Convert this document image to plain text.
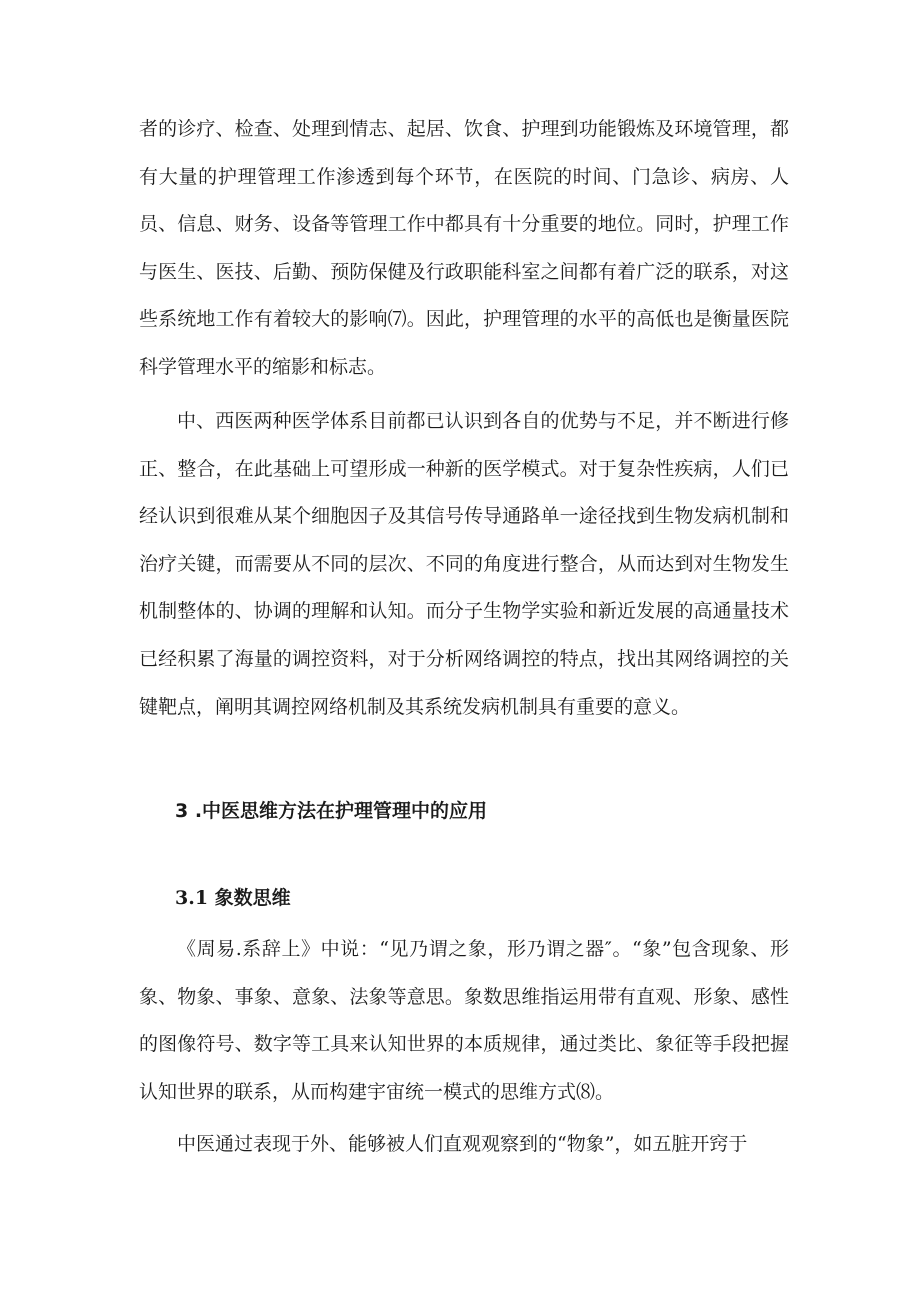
者的诊疗、检查、处理到情志、起居、饮食、护理到功能锻炼及环境管理，都有大量的护理管理工作渗透到每个环节，在医院的时间、门急诊、病房、人员、信息、财务、设备等管理工作中都具有十分重要的地位。同时，护理工作与医生、医技、后勤、预防保健及行政职能科室之间都有着广泛的联系，对这些系统地工作有着较大的影响⑺。因此，护理管理的水平的高低也是衡量医院科学管理水平的缩影和标志。

中、西医两种医学体系目前都已认识到各自的优势与不足，并不断进行修正、整合，在此基础上可望形成一种新的医学模式。对于复杂性疾病，人们已经认识到很难从某个细胞因子及其信号传导通路单一途径找到生物发病机制和治疗关键，而需要从不同的层次、不同的角度进行整合，从而达到对生物发生机制整体的、协调的理解和认知。而分子生物学实验和新近发展的高通量技术已经积累了海量的调控资料，对于分析网络调控的特点，找出其网络调控的关键靶点，阐明其调控网络机制及其系统发病机制具有重要的意义。

3 .中医思维方法在护理管理中的应用
3.1 象数思维

《周易.系辞上》中说：“见乃谓之象，形乃谓之器″。“象”包含现象、形象、物象、事象、意象、法象等意思。象数思维指运用带有直观、形象、感性的图像符号、数字等工具来认知世界的本质规律，通过类比、象征等手段把握认知世界的联系，从而构建宇宙统一模式的思维方式⑻。

中医通过表现于外、能够被人们直观观察到的“物象”，如五脏开窍于
